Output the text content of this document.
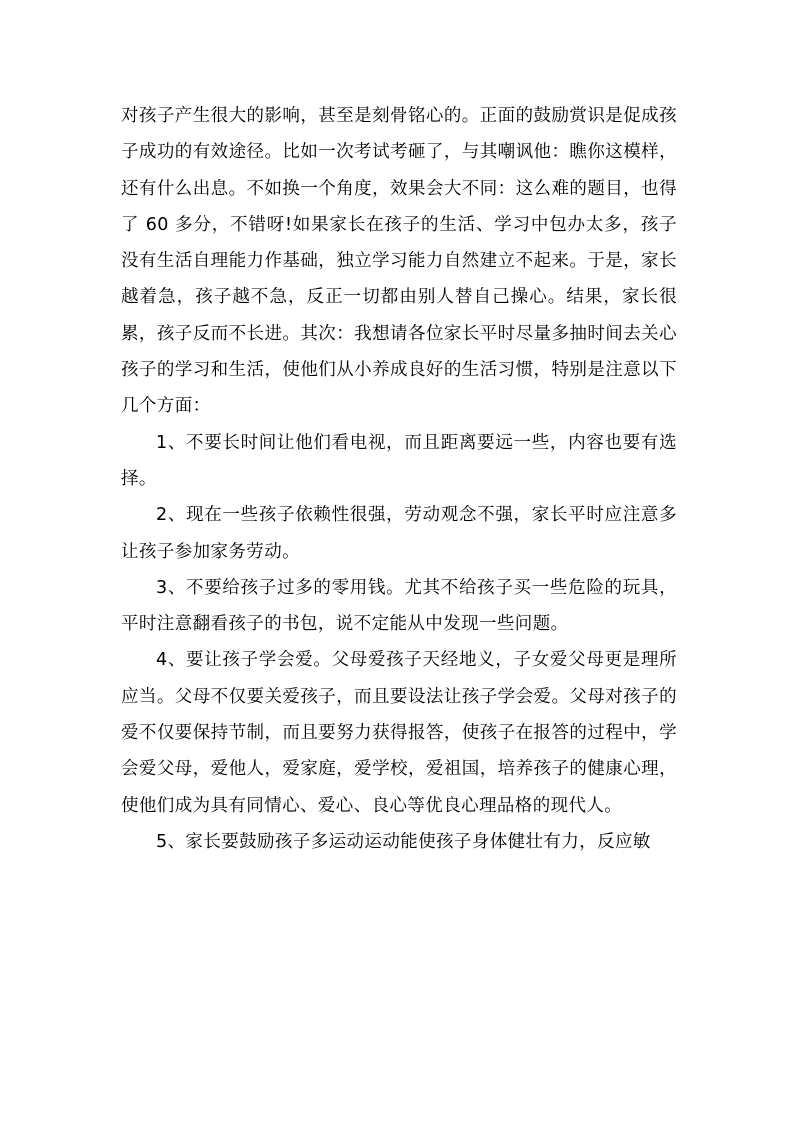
对孩子产生很大的影响，甚至是刻骨铭心的。正面的鼓励赏识是促成孩子成功的有效途径。比如一次考试考砸了，与其嘲讽他：瞧你这模样，还有什么出息。不如换一个角度，效果会大不同：这么难的题目，也得了 60 多分，不错呀!如果家长在孩子的生活、学习中包办太多，孩子没有生活自理能力作基础，独立学习能力自然建立不起来。于是，家长越着急，孩子越不急，反正一切都由别人替自己操心。结果，家长很累，孩子反而不长进。其次：我想请各位家长平时尽量多抽时间去关心孩子的学习和生活，使他们从小养成良好的生活习惯，特别是注意以下几个方面：

1、不要长时间让他们看电视，而且距离要远一些，内容也要有选择。

2、现在一些孩子依赖性很强，劳动观念不强，家长平时应注意多让孩子参加家务劳动。

3、不要给孩子过多的零用钱。尤其不给孩子买一些危险的玩具，平时注意翻看孩子的书包，说不定能从中发现一些问题。

4、要让孩子学会爱。父母爱孩子天经地义，子女爱父母更是理所应当。父母不仅要关爱孩子，而且要设法让孩子学会爱。父母对孩子的爱不仅要保持节制，而且要努力获得报答，使孩子在报答的过程中，学会爱父母，爱他人，爱家庭，爱学校，爱祖国，培养孩子的健康心理，使他们成为具有同情心、爱心、良心等优良心理品格的现代人。

5、家长要鼓励孩子多运动运动能使孩子身体健壮有力，反应敏
